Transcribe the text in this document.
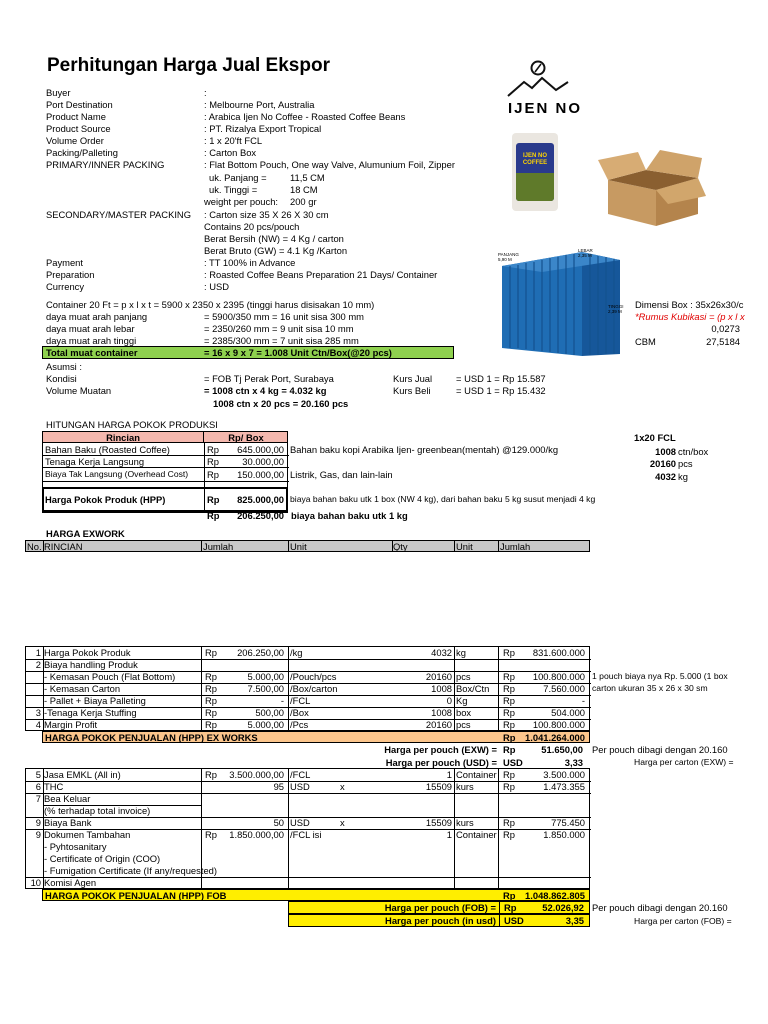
Perhitungan Harga Jual Ekspor
IJEN NO
IJEN NO
COFFEE
Buyer	:
Port Destination	: Melbourne Port, Australia
Product Name	: Arabica Ijen No Coffee - Roasted Coffee Beans
Product Source	: PT. Rizalya Export Tropical
Volume Order	: 1 x 20'ft FCL
Packing/Palleting	: Carton Box
PRIMARY/INNER PACKING	: Flat Bottom Pouch, One way Valve, Alumunium Foil, Zipper
uk. Panjang = 11,5 CM
uk. Tinggi =	18 CM
weight per pouch: 200 gr
SECONDARY/MASTER PACKING : Carton size 35 X 26 X 30 cm
Contains 20 pcs/pouch
Berat Bersih (NW) = 4 Kg / carton
Berat Bruto (GW) = 4.1 Kg /Karton
Payment	: TT 100% in Advance
Preparation	: Roasted Coffee Beans Preparation 21 Days/ Container
Currency	: USD
PANJANG
5,90 M
LEBAR
2,35 M
TINGGI
2,39 M
Container 20 Ft = p x l x t = 5900 x 2350 x 2395 (tinggi harus disisakan 10 mm)
daya muat arah panjang	= 5900/350 mm = 16 unit sisa 300 mm
daya muat arah lebar	= 2350/260 mm = 9 unit sisa 10 mm
daya muat arah tinggi	= 2385/300 mm = 7 unit sisa 285 mm
Total muat container	= 16 x 9 x 7 = 1.008 Unit Ctn/Box(@20 pcs)
Dimensi Box : 35x26x30/c
*Rumus Kubikasi = (p x l x
0,0273
CBM	27,5184
Asumsi :
Kondisi	= FOB Tj Perak Port, Surabaya	Kurs Jual	= USD 1 = Rp 15.587
Volume Muatan	= 1008 ctn x 4 kg = 4.032 kg	Kurs Beli	= USD 1 = Rp 15.432
1008 ctn x 20 pcs = 20.160 pcs
HITUNGAN HARGA POKOK PRODUKSI
Rincian	Rp/ Box
Bahan Baku (Roasted Coffee)	Rp	645.000,00 Bahan baku kopi Arabika Ijen- greenbean(mentah) @129.000/kg
Tenaga Kerja Langsung	Rp	30.000,00
Biaya Tak Langsung (Overhead Cost) Rp	150.000,00 Listrik, Gas, dan lain-lain
Harga Pokok Produk (HPP)	Rp	825.000,00 biaya bahan baku utk 1 box (NW 4 kg), dari bahan baku 5 kg susut menjadi 4 kg
Rp	206.250,00 biaya bahan baku utk 1 kg
1x20 FCL
1008 ctn/box
20160 pcs
4032 kg
HARGA EXWORK
No. RINCIAN	Jumlah	Unit	Qty	Unit	Jumlah
1 Harga Pokok Produk	Rp	206.250,00 /kg	4032 kg	Rp	831.600.000
2 Biaya handling Produk
- Kemasan Pouch (Flat Bottom)	Rp	5.000,00 /Pouch/pcs	20160 pcs	Rp	100.800.000 1 pouch biaya nya Rp. 5.000 (1 box
- Kemasan Carton	Rp	7.500,00 /Box/carton	1008 Box/Ctn Rp	7.560.000 carton ukuran 35 x 26 x 30 sm
- Pallet + Biaya Palleting	Rp	- /FCL	0 Kg	Rp	-
3 -Tenaga Kerja Stuffing	Rp	500,00 /Box	1008 box	Rp	504.000
4 Margin Profit	Rp	5.000,00 /Pcs	20160 pcs	Rp	100.800.000
HARGA POKOK PENJUALAN (HPP) EX WORKS	Rp	1.041.264.000
Harga per pouch (EXW) = Rp	51.650,00 Per pouch dibagi dengan 20.160
Harga per pouch (USD) = USD	3,33	Harga per carton (EXW) =
5 Jasa EMKL (All in)	Rp	3.500.000,00 /FCL	1 Container Rp	3.500.000
6 THC	95 USD	x	15509 kurs	Rp	1.473.355
7 Bea Keluar
(% terhadap total invoice)
9 Biaya Bank	50 USD	x	15509 kurs	Rp	775.450
9 Dokumen Tambahan	Rp	1.850.000,00 /FCL isi	1 Container Rp	1.850.000
- Pyhtosanitary
- Certificate of Origin (COO)
- Fumigation Certificate (If any/requested)
10 Komisi Agen
HARGA POKOK PENJUALAN (HPP) FOB	Rp	1.048.862.805
Harga per pouch (FOB) = Rp	52.026,92 Per pouch dibagi dengan 20.160
Harga per pouch (in usd) USD	3,35	Harga per carton (FOB) =
